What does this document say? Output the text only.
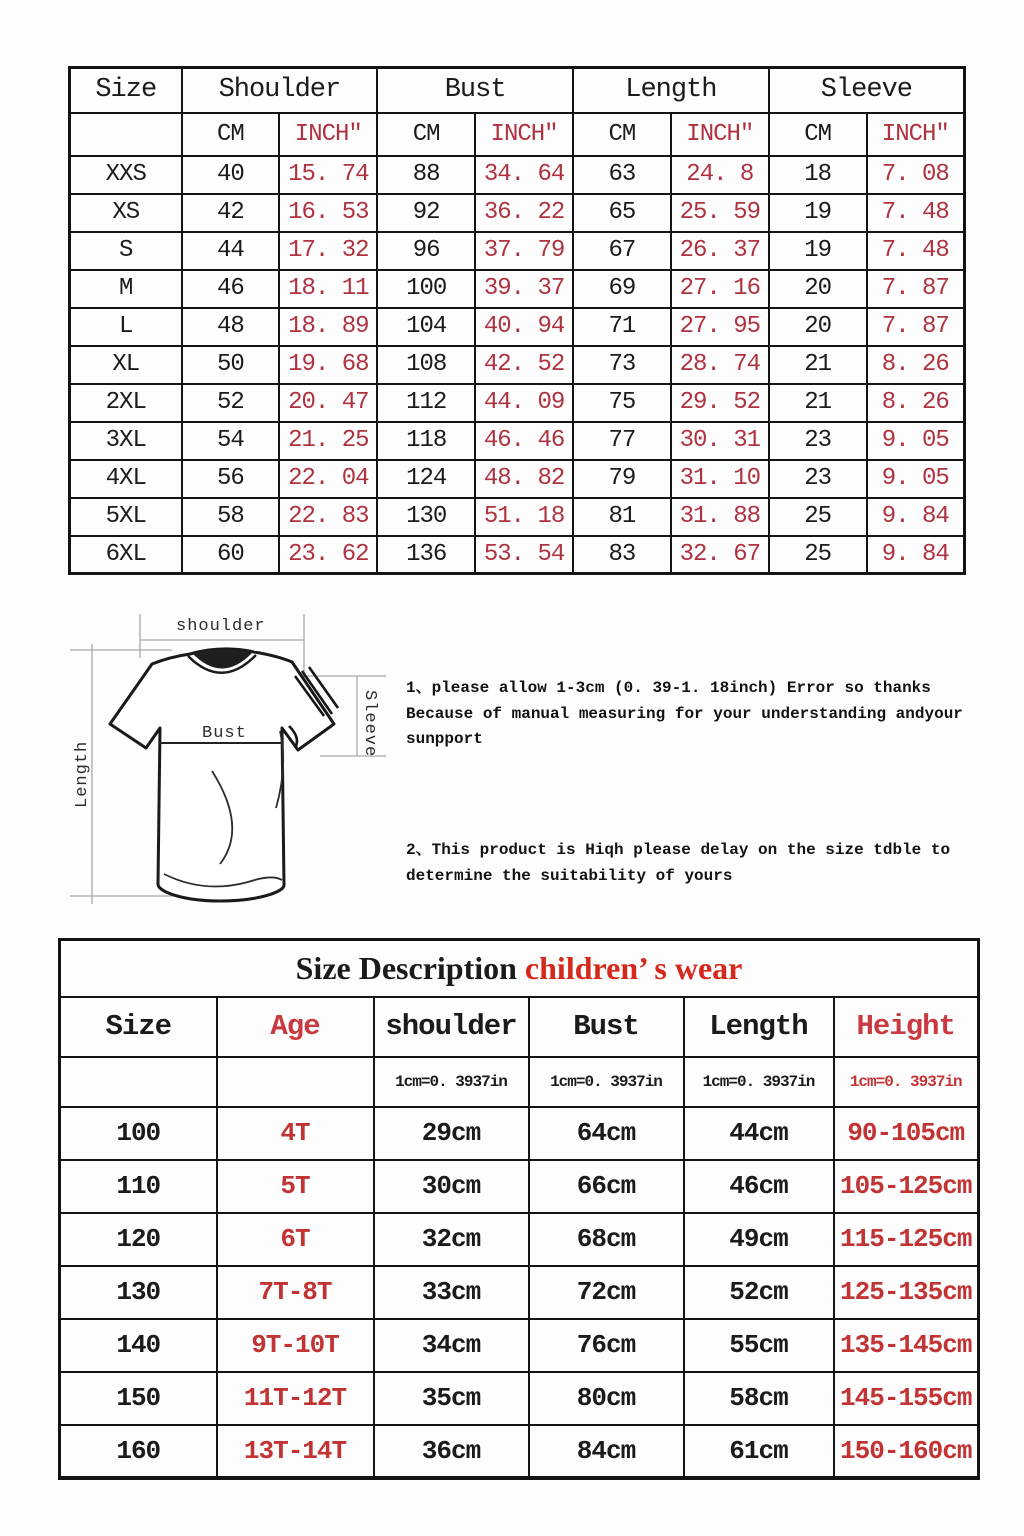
Size	Shoulder		Bust		Length		Sleeve	
	CM	INCH″	CM	INCH″	CM	INCH″	CM	INCH″
XXS	40	15. 74	88	34. 64	63	24. 8	18	7. 08
XS	42	16. 53	92	36. 22	65	25. 59	19	7. 48
S	44	17. 32	96	37. 79	67	26. 37	19	7. 48
M	46	18. 11	100	39. 37	69	27. 16	20	7. 87
L	48	18. 89	104	40. 94	71	27. 95	20	7. 87
XL	50	19. 68	108	42. 52	73	28. 74	21	8. 26
2XL	52	20. 47	112	44. 09	75	29. 52	21	8. 26
3XL	54	21. 25	118	46. 46	77	30. 31	23	9. 05
4XL	56	22. 04	124	48. 82	79	31. 10	23	9. 05
5XL	58	22. 83	130	51. 18	81	31. 88	25	9. 84
6XL	60	23. 62	136	53. 54	83	32. 67	25	9. 84
shoulder
Length
Bust	Sleeve
1、please allow 1-3cm (0. 39-1. 18inch) Error so thanks Because of manual measuring for your understanding andyour sunpport
2、This product is Hiqh please delay on the size tdble to determine the suitability of yours
Size Description children’ s wear					
Size	Age	shoulder	Bust	Length	Height
		1cm=0. 3937in	1cm=0. 3937in	1cm=0. 3937in	1cm=0. 3937in
100	4T	29cm	64cm	44cm	90-105cm
110	5T	30cm	66cm	46cm	105-125cm
120	6T	32cm	68cm	49cm	115-125cm
130	7T-8T	33cm	72cm	52cm	125-135cm
140	9T-10T	34cm	76cm	55cm	135-145cm
150	11T-12T	35cm	80cm	58cm	145-155cm
160	13T-14T	36cm	84cm	61cm	150-160cm
